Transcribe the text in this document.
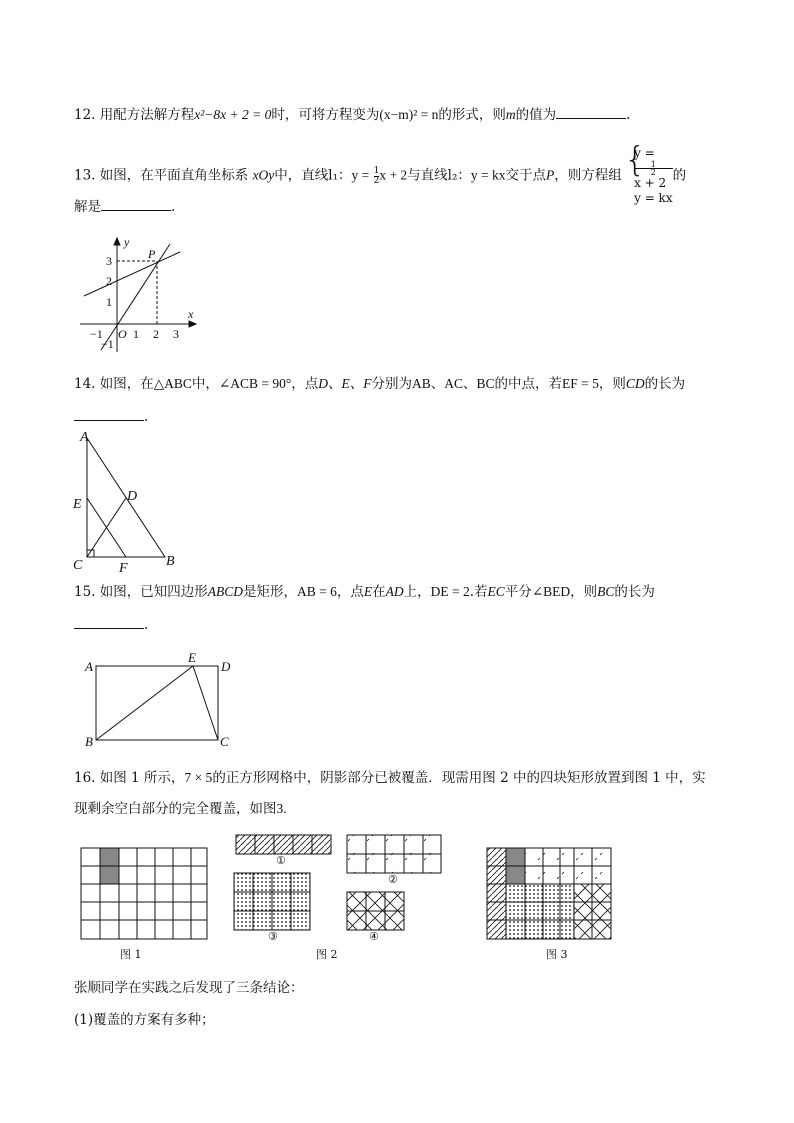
12. 用配方法解方程x²−8x + 2 = 0时，可将方程变为(x−m)² = n的形式，则m的值为	.
13. 如图，在平面直角坐标系 xOy中，直线l₁：$y = \frac{1}{2}$ x + 2与直线l₂：y = kx交于点P，则方程组
{ y =
1
2
x + 2
y = kx
的
解是	.
y
x
O
P
3
2
1
−1
−1	1 2 3
14. 如图，在△ABC中，∠ACB = 90°，点D、E、F分别为AB、AC、BC的中点，若EF = 5，则CD的长为
.
A
E
D
C	F	B
15. 如图，已知四边形ABCD是矩形，AB = 6，点E在AD上，DE = 2.若EC平分∠BED，则BC的长为
.
A
E
D
B	C
16. 如图 1 所示，7 × 5的正方形网格中，阴影部分已被覆盖．现需用图 2 中的四块矩形放置到图 1 中，实
现剩余空白部分的完全覆盖，如图3.
①
②
③	④
图 1	图 2	图 3
张顺同学在实践之后发现了三条结论：
(1)覆盖的方案有多种；
